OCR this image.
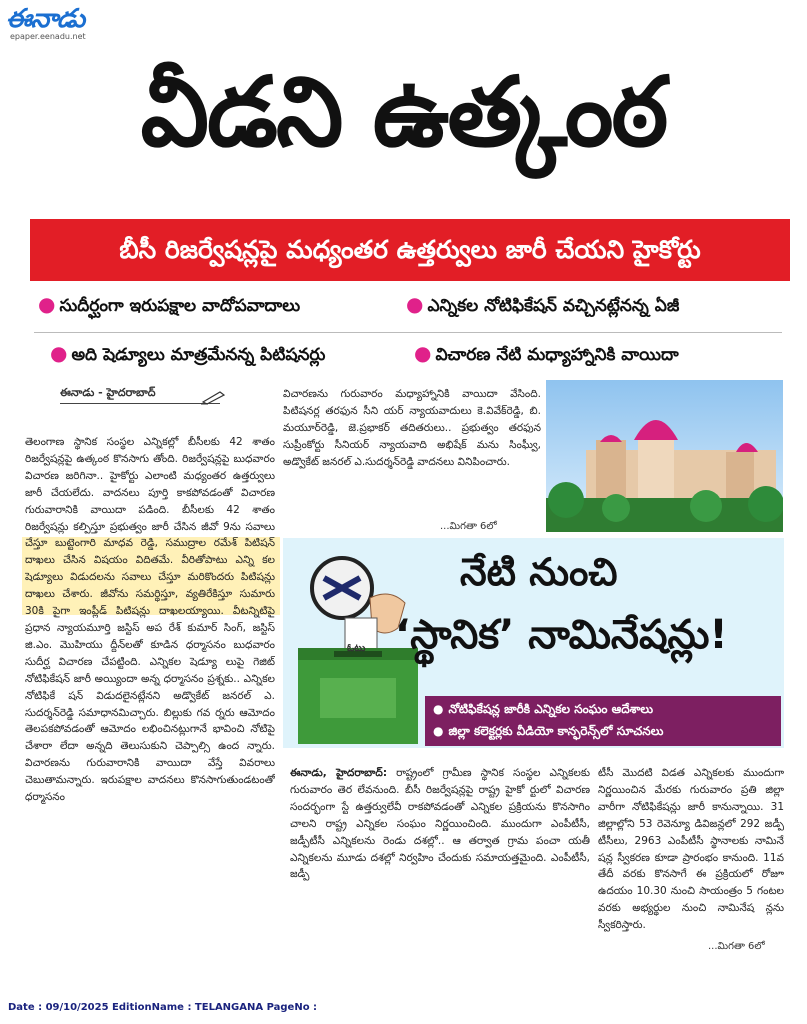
ఈనాడు
epaper.eenadu.net
వీడని ఉత్కంఠ
బీసీ రిజర్వేషన్లపై మధ్యంతర ఉత్తర్వులు జారీ చేయని హైకోర్టు
● సుదీర్ఘంగా ఇరుపక్షాల వాదోపవాదాలు	● ఎన్నికల నోటిఫికేషన్ వచ్చినట్లేనన్న ఏజీ
● అది షెడ్యూలు మాత్రమేనన్న పిటిషనర్లు	● విచారణ నేటి మధ్యాహ్నానికి వాయిదా
ఈనాడు - హైదరాబాద్
తెలంగాణ స్థానిక సంస్థల ఎన్నికల్లో బీసీలకు 42 శాతం రిజర్వేషన్లపై ఉత్కంఠ కొనసాగు తోంది. రిజర్వేషన్లపై బుధవారం విచారణ జరిగినా.. హైకోర్టు ఎలాంటి మధ్యంతర ఉత్తర్వులు జారీ చేయలేదు. వాదనలు పూర్తి కాకపోవడంతో విచారణ గురువారానికి వాయిదా పడింది. బీసీలకు 42 శాతం రిజర్వేషన్లు కల్పిస్తూ ప్రభుత్వం జారీ చేసిన జీవో 9ను సవాలు చేస్తూ బుట్టెంగారి మాధవ రెడ్డి, సముద్రాల రమేశ్ పిటిషన్ దాఖలు చేసిన విషయం విదితమే. వీరితోపాటు ఎన్ని కల షెడ్యూలు విడుదలను సవాలు చేస్తూ మరికొందరు పిటిషన్లు దాఖలు చేశారు. జీవోను సమర్థిస్తూ, వ్యతిరేకిస్తూ సుమారు 30కి పైగా ఇంప్లీడ్ పిటిషన్లు దాఖలయ్యాయి. వీటన్నిటిపై ప్రధాన న్యాయమూర్తి జస్టిస్ అప రేశ్ కుమార్ సింగ్, జస్టిస్ జి.ఎం. మొహియు ద్దీన్‌లతో కూడిన ధర్మాసనం బుధవారం సుదీర్ఘ విచారణ చేపట్టింది. ఎన్నికల షెడ్యూ లుపై గెజిట్ నోటిఫికేషన్ జారీ అయ్యిందా అన్న ధర్మాసనం ప్రశ్నకు.. ఎన్నికల నోటిఫికే షన్ విడుదలైనట్లేనని అడ్వొకేట్ జనరల్ ఎ. సుదర్శన్‌రెడ్డి సమాధానమిచ్చారు. బిల్లుకు గవ ర్నరు ఆమోదం తెలపకపోవడంతో ఆమోదం లభించినట్లుగానే భావించి నోటిపై చేశారా లేదా అన్నది తెలుసుకుని చెప్పాల్సి ఉంద న్నారు. విచారణను గురువారానికి వాయిదా వేస్తే వివరాలు చెబుతామన్నారు. ఇరుపక్షాల వాదనలు కొనసాగుతుండటంతో ధర్మాసనం
విచారణను గురువారం మధ్యాహ్నానికి వాయిదా వేసింది. పిటిషనర్ల తరఫున సీని యర్ న్యాయవాదులు కె.వివేక్‌రెడ్డి, బి. మయూర్‌రెడ్డి, జె.ప్రభాకర్ తదితరులు.. ప్రభుత్వం తరఫున సుప్రీంకోర్టు సీనియర్ న్యాయవాది అభిషేక్ మను సింఘ్వీ, అడ్వొకేట్ జనరల్ ఎ.సుదర్శన్‌రెడ్డి వాదనలు వినిపించారు.
...మిగతా 6లో
ఓటు
నేటి నుంచి
‘స్థానిక’ నామినేషన్లు!
● నోటిఫికేషన్ల జారీకి ఎన్నికల సంఘం ఆదేశాలు
● జిల్లా కలెక్టర్లకు వీడియో కాన్ఫరెన్స్‌లో సూచనలు
ఈనాడు, హైదరాబాద్: రాష్ట్రంలో గ్రామీణ స్థానిక సంస్థల ఎన్నికలకు గురువారం తెర లేవనుంది. బీసీ రిజర్వేషన్లపై రాష్ట్ర హైకో ర్టులో విచారణ సందర్భంగా స్టే ఉత్తర్వులేవీ రాకపోవడంతో ఎన్నికల ప్రక్రియను కొనసాగిం చాలని రాష్ట్ర ఎన్నికల సంఘం నిర్ణయించింది. ముందుగా ఎంపీటీసీ, జడ్పీటీసీ ఎన్నికలను రెండు దశల్లో.. ఆ తర్వాత గ్రామ పంచా యతీ ఎన్నికలను మూడు దశల్లో నిర్వహిం చేందుకు సమాయత్తమైంది. ఎంపీటీసీ, జడ్పీ
టీసీ మొదటి విడత ఎన్నికలకు ముందుగా నిర్ణయించిన మేరకు గురువారం ప్రతి జిల్లా వారీగా నోటిఫికేషన్లు జారీ కానున్నాయి. 31 జిల్లాల్లోని 53 రెవెన్యూ డివిజన్లలో 292 జడ్పీ టీసీలు, 2963 ఎంపీటీసీ స్థానాలకు నామినే షన్ల స్వీకరణ కూడా ప్రారంభం కానుంది. 11వ తేదీ వరకు కొనసాగే ఈ ప్రక్రియలో రోజూ ఉదయం 10.30 నుంచి సాయంత్రం 5 గంటల వరకు అభ్యర్థుల నుంచి నామినేష న్లను స్వీకరిస్తారు.
...మిగతా 6లో
Date : 09/10/2025 EditionName : TELANGANA PageNo :
